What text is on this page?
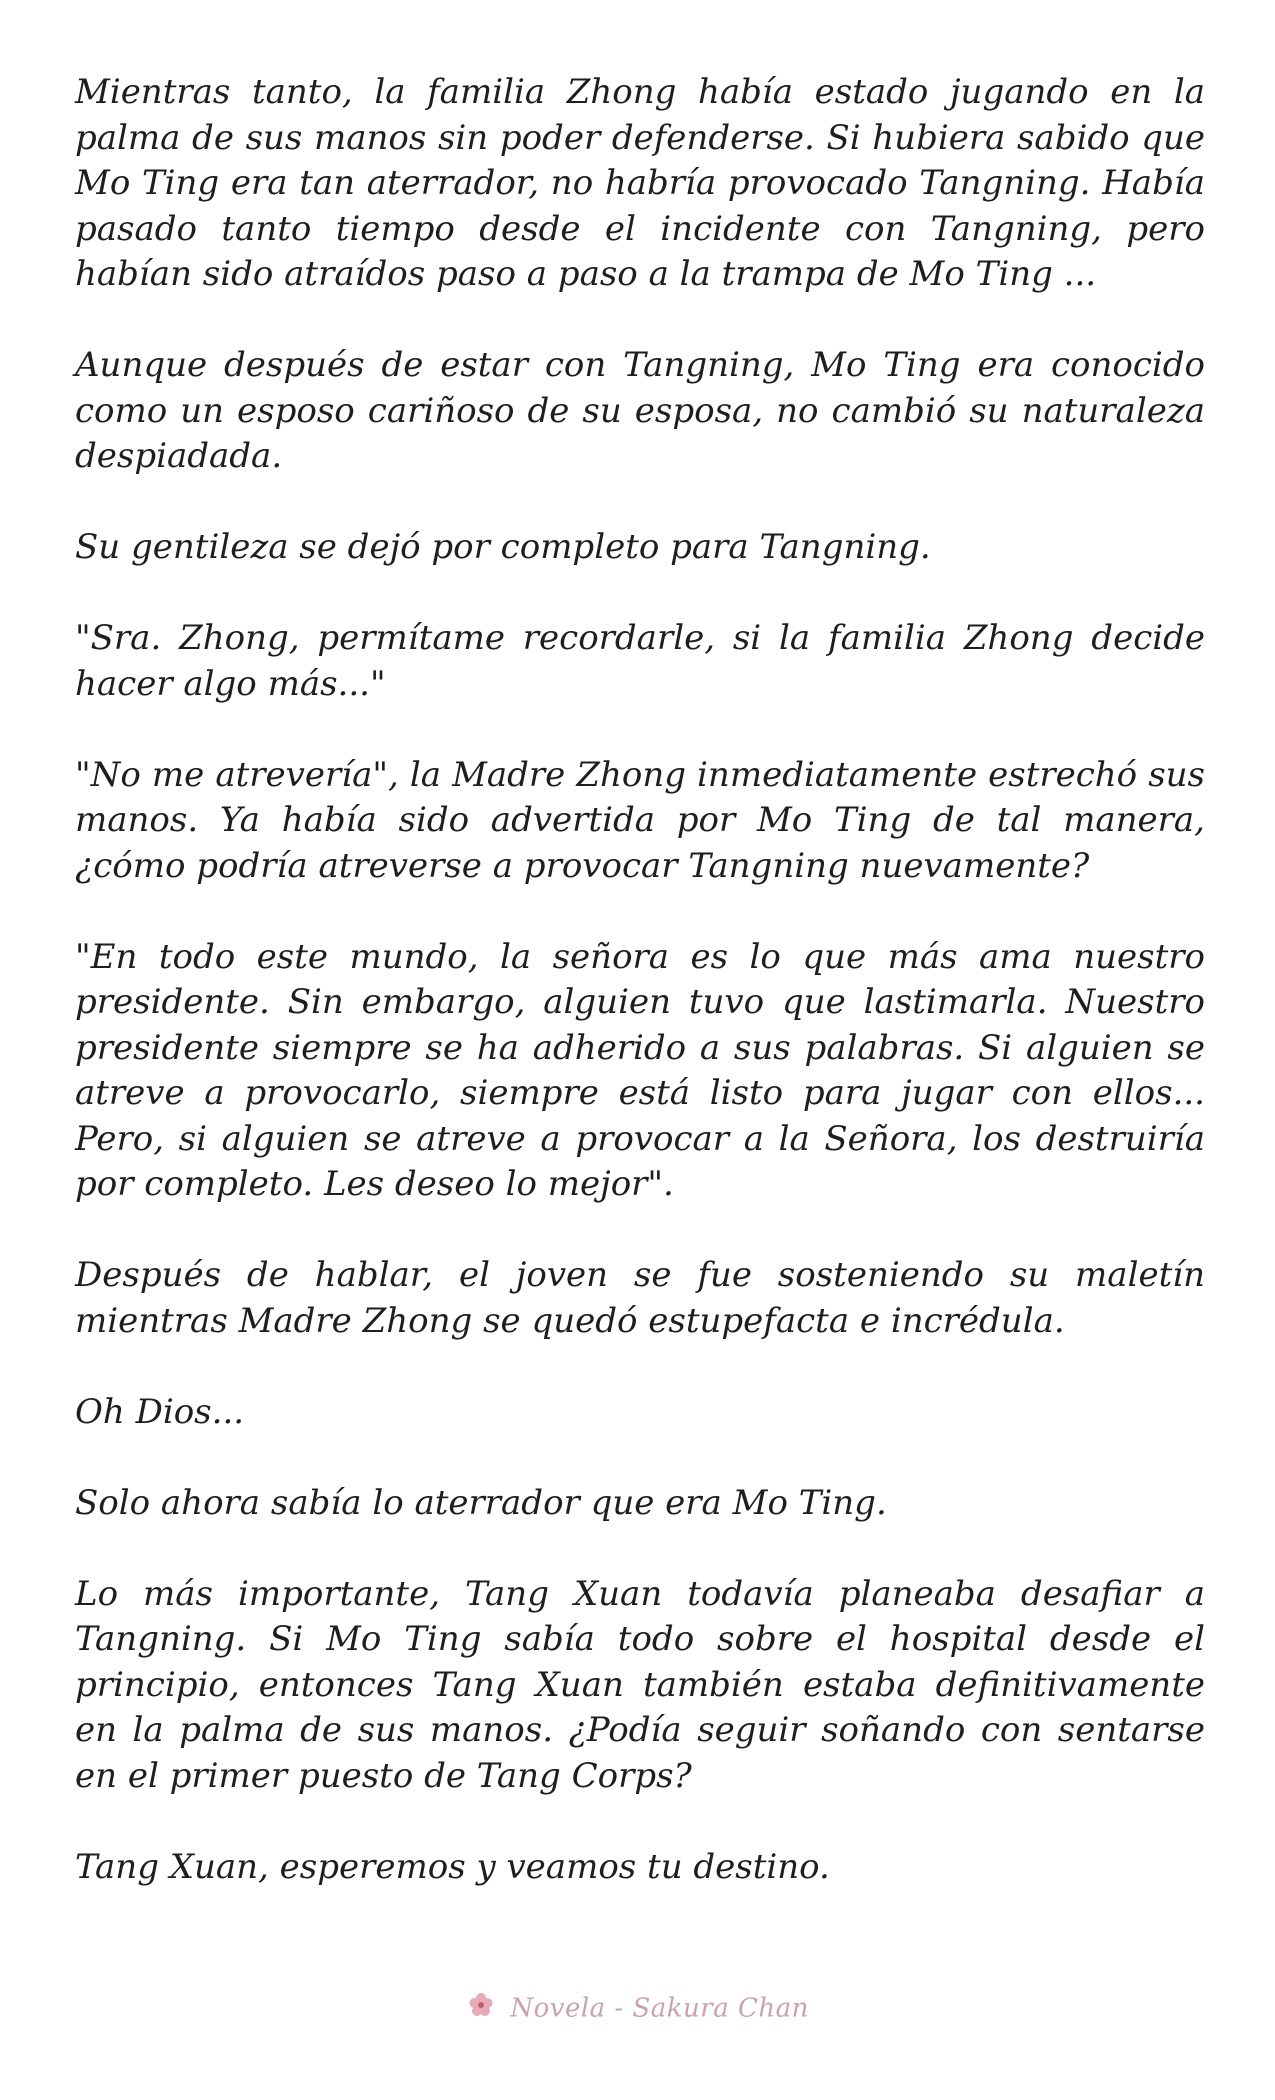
Mientras tanto, la familia Zhong había estado jugando en la palma de sus manos sin poder defenderse. Si hubiera sabido que Mo Ting era tan aterrador, no habría provocado Tangning. Había pasado tanto tiempo desde el incidente con Tangning, pero habían sido atraídos paso a paso a la trampa de Mo Ting ...

Aunque después de estar con Tangning, Mo Ting era conocido como un esposo cariñoso de su esposa, no cambió su naturaleza despiadada.

Su gentileza se dejó por completo para Tangning.

"Sra. Zhong, permítame recordarle, si la familia Zhong decide hacer algo más..."

"No me atrevería", la Madre Zhong inmediatamente estrechó sus manos. Ya había sido advertida por Mo Ting de tal manera, ¿cómo podría atreverse a provocar Tangning nuevamente?

"En todo este mundo, la señora es lo que más ama nuestro presidente. Sin embargo, alguien tuvo que lastimarla. Nuestro presidente siempre se ha adherido a sus palabras. Si alguien se atreve a provocarlo, siempre está listo para jugar con ellos... Pero, si alguien se atreve a provocar a la Señora, los destruiría por completo. Les deseo lo mejor".

Después de hablar, el joven se fue sosteniendo su maletín mientras Madre Zhong se quedó estupefacta e incrédula.

Oh Dios...

Solo ahora sabía lo aterrador que era Mo Ting.

Lo más importante, Tang Xuan todavía planeaba desafiar a Tangning. Si Mo Ting sabía todo sobre el hospital desde el principio, entonces Tang Xuan también estaba definitivamente en la palma de sus manos. ¿Podía seguir soñando con sentarse en el primer puesto de Tang Corps?

Tang Xuan, esperemos y veamos tu destino.

Novela - Sakura Chan
